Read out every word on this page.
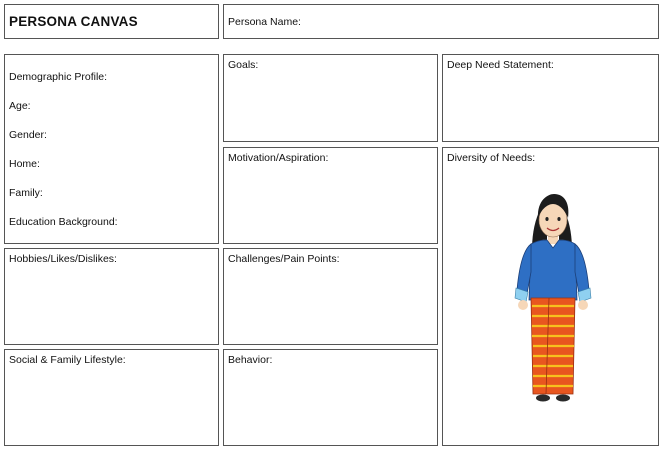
PERSONA CANVAS	Persona Name:
Demographic Profile:
Age:
Gender:
Home:
Family:
Education Background:
Hobbies/Likes/Dislikes:
Social & Family Lifestyle:
Goals:
Motivation/Aspiration:
Challenges/Pain Points:
Behavior:
Deep Need Statement:
Diversity of Needs:
